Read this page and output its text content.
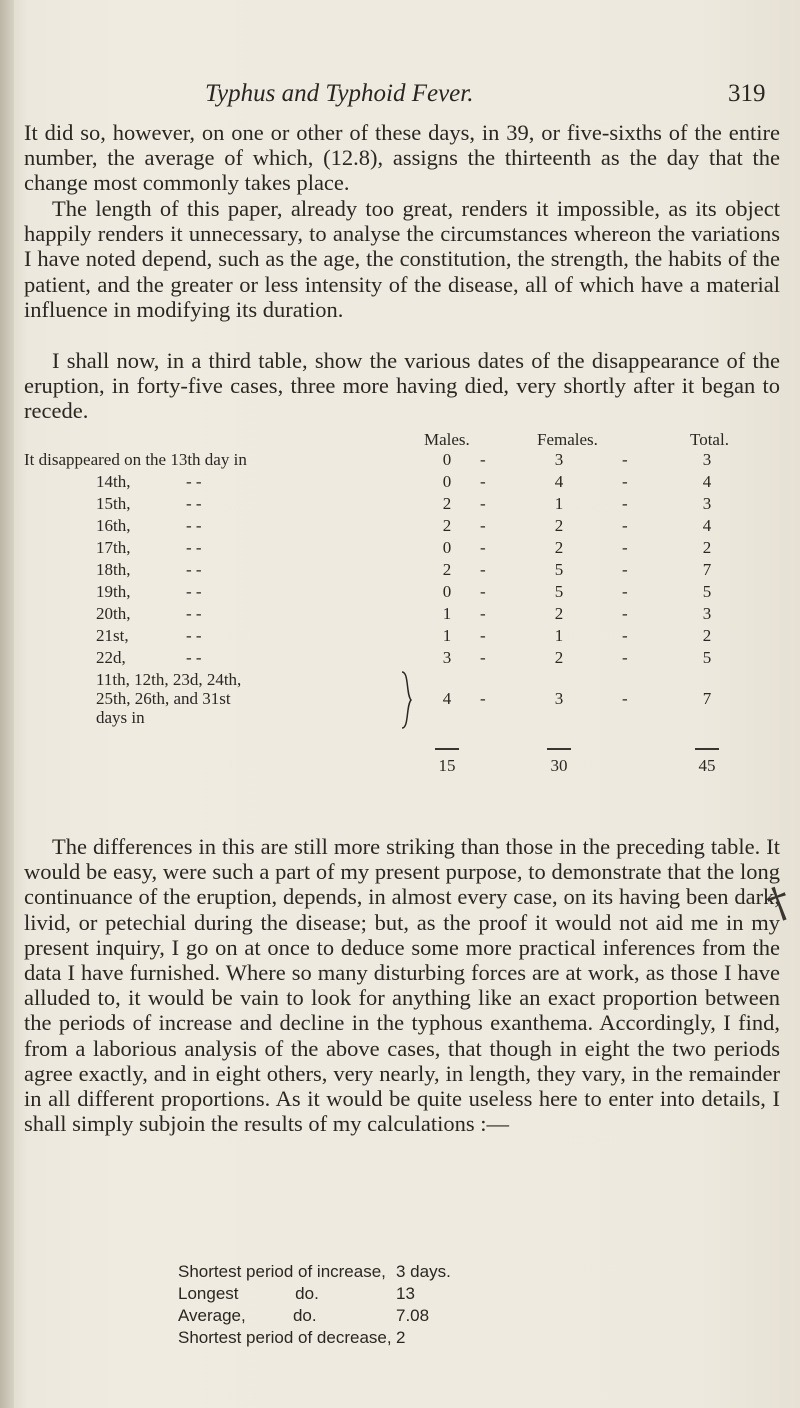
Typhus and Typhoid Fever.	319

It did so, however, on one or other of these days, in 39, or five-sixths of the entire number, the average of which, (12.8), assigns the thirteenth as the day that the change most commonly takes place.

The length of this paper, already too great, renders it impossible, as its object happily renders it unnecessary, to analyse the circumstances whereon the variations I have noted depend, such as the age, the constitution, the strength, the habits of the patient, and the greater or less intensity of the disease, all of which have a material influence in modifying its duration.

I shall now, in a third table, show the various dates of the disappearance of the eruption, in forty-five cases, three more having died, very shortly after it began to recede.

Males.	Females.	Total.
It disappeared on the 13th day in	0	-	3	-	3
14th,	- -	0	-	4	-	4
15th,	- -	2	-	1	-	3
16th,	- -	2	-	2	-	4
17th,	- -	0	-	2	-	2
18th,	- -	2	-	5	-	7
19th,	- -	0	-	5	-	5
20th,	- -	1	-	2	-	3
21st,	- -	1	-	1	-	2
22d,	- -	3	-	2	-	5
11th, 12th, 23d, 24th,
25th, 26th, and 31st
days in
4	-	3	-	7
15	30	45

The differences in this are still more striking than those in the preceding table. It would be easy, were such a part of my present purpose, to demonstrate that the long continuance of the eruption, depends, in almost every case, on its having been dark, livid, or petechial during the disease; but, as the proof it would not aid me in my present inquiry, I go on at once to deduce some more practical inferences from the data I have furnished. Where so many disturbing forces are at work, as those I have alluded to, it would be vain to look for anything like an exact proportion between the periods of increase and decline in the typhous exanthema. Accordingly, I find, from a laborious analysis of the above cases, that though in eight the two periods agree exactly, and in eight others, very nearly, in length, they vary, in the remainder in all different proportions. As it would be quite useless here to enter into details, I shall simply subjoin the results of my calculations :—

†
Shortest period of increase, 3 days.
Longest            do.	13
Average,          do.	7.08
Shortest period of decrease, 2
